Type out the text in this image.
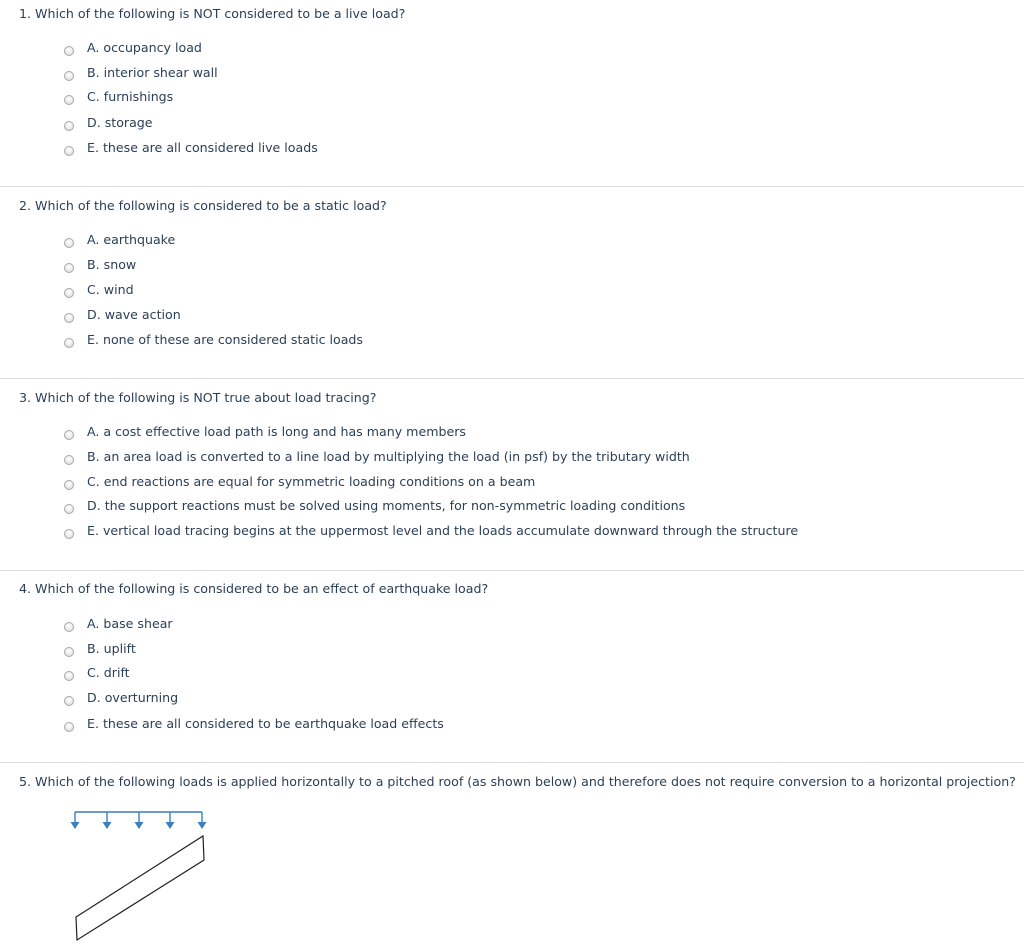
1. Which of the following is NOT considered to be a live load?
A. occupancy load
B. interior shear wall
C. furnishings
D. storage
E. these are all considered live loads
2. Which of the following is considered to be a static load?
A. earthquake
B. snow
C. wind
D. wave action
E. none of these are considered static loads
3. Which of the following is NOT true about load tracing?
A. a cost effective load path is long and has many members
B. an area load is converted to a line load by multiplying the load (in psf) by the tributary width
C. end reactions are equal for symmetric loading conditions on a beam
D. the support reactions must be solved using moments, for non-symmetric loading conditions
E. vertical load tracing begins at the uppermost level and the loads accumulate downward through the structure
4. Which of the following is considered to be an effect of earthquake load?
A. base shear
B. uplift
C. drift
D. overturning
E. these are all considered to be earthquake load effects
5. Which of the following loads is applied horizontally to a pitched roof (as shown below) and therefore does not require conversion to a horizontal projection?
